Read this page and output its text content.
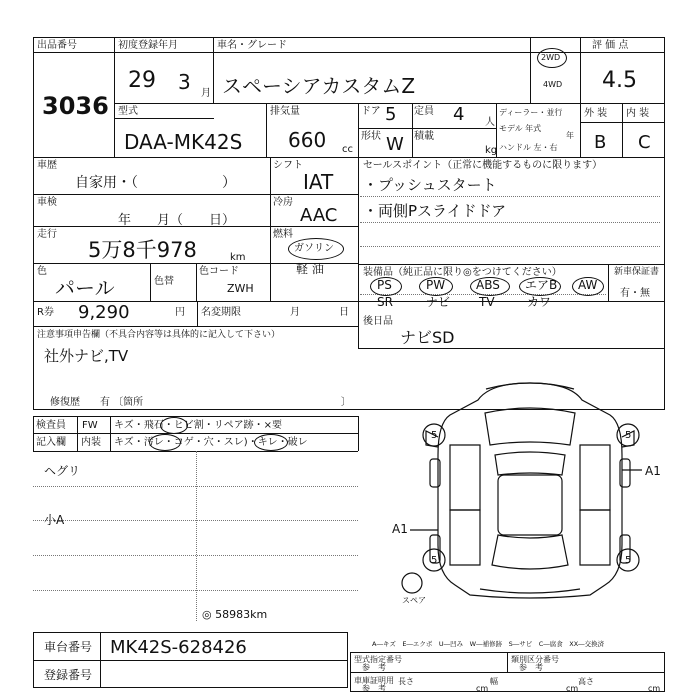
出品番号
3036
初度登録年月
29 3 月
車名・グレード
スペーシアカスタムZ
2WD
4WD
評 価 点
4.5
型式
DAA-MK42S
排気量
660 cc
ドア 5 定員 4 人
形状 W 積載
kg
ディーラー・並行
モデル 年式
年
ハンドル 左・右
外 装 内 装
B C
車歴
自家用・（　　　　　　）
シフト
IAT
車検
年　　月（　　日）
冷房
AAC
走行
5万8千978	km
燃料
ガソリン
軽 油
色
パール	色替
色コード
ZWH
R券 9,290	円 名変期限	月	日
注意事項申告欄（不具合内容等は具体的に記入して下さい）
社外ナビ,TV
修復歴　　有 〔箇所	〕
セールスポイント（正常に機能するものに限ります）
・プッシュスタート
・両側Pスライドドア
装備品（純正品に限り◎をつけてください）	新車保証書
有・無
PS	PW	ABS エアB AW
SR	ナビ TV	カワ
後日品
ナビSD
検査員
記入欄
FW キズ・飛石・ヒビ割・リペア跡・×要
内装 キズ・汚レ・コゲ・穴・スレ)・キレ・破レ
ヘグリ
小A
◎ 58983km
5	5
5	5
A1
A1
スペア
車台番号 MK42S-628426
登録番号
A―キズ　E―エクボ　U―凹み　W―補修跡　S―サビ　C―腐食　XX―交換済
型式指定番号
参　考
類別区分番号
参　考
車庫証明用
参　考
長さ
cm
幅
cm
高さ
cm
